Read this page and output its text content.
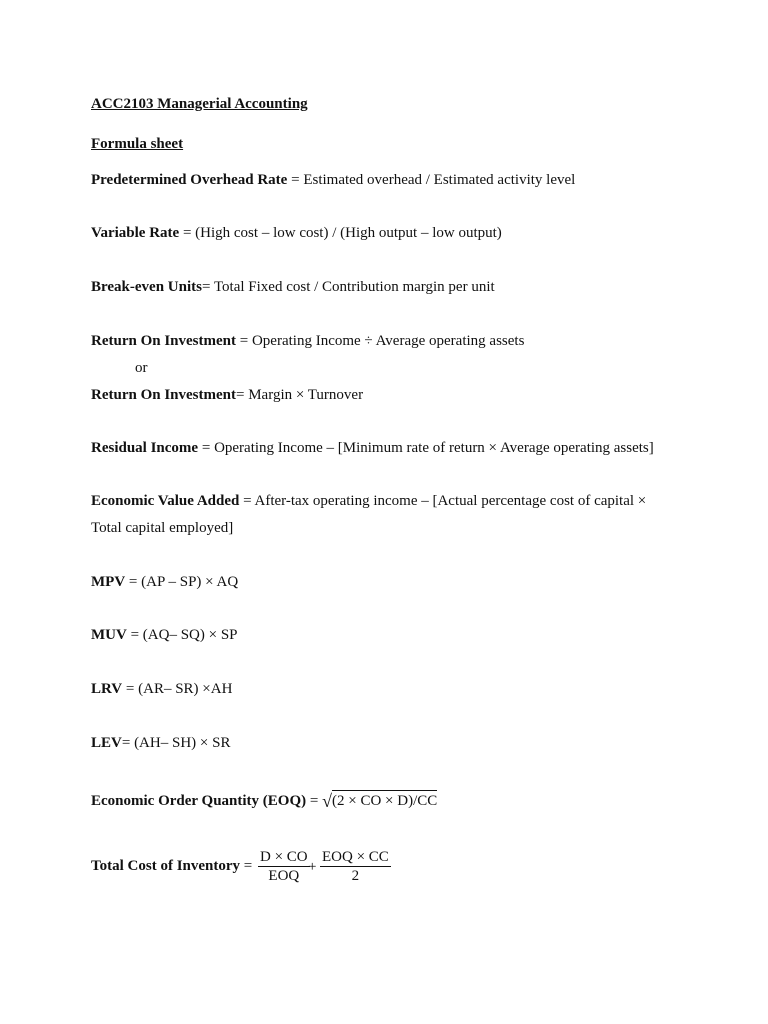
ACC2103 Managerial Accounting
Formula sheet
Predetermined Overhead Rate = Estimated overhead / Estimated activity level
Variable Rate = (High cost – low cost) / (High output – low output)
Break-even Units= Total Fixed cost / Contribution margin per unit
Return On Investment = Operating Income ÷ Average operating assets
or
Return On Investment= Margin × Turnover
Residual Income = Operating Income – [Minimum rate of return × Average operating assets]
Economic Value Added = After-tax operating income – [Actual percentage cost of capital ×
Total capital employed]
MPV = (AP – SP) × AQ
MUV = (AQ– SQ) × SP
LRV = (AR– SR) ×AH
LEV= (AH– SH) × SR
Economic Order Quantity (EOQ) = √(2 × CO × D)/CC
Total Cost of Inventory =
D × CO
EOQ
+
EOQ × CC
2
